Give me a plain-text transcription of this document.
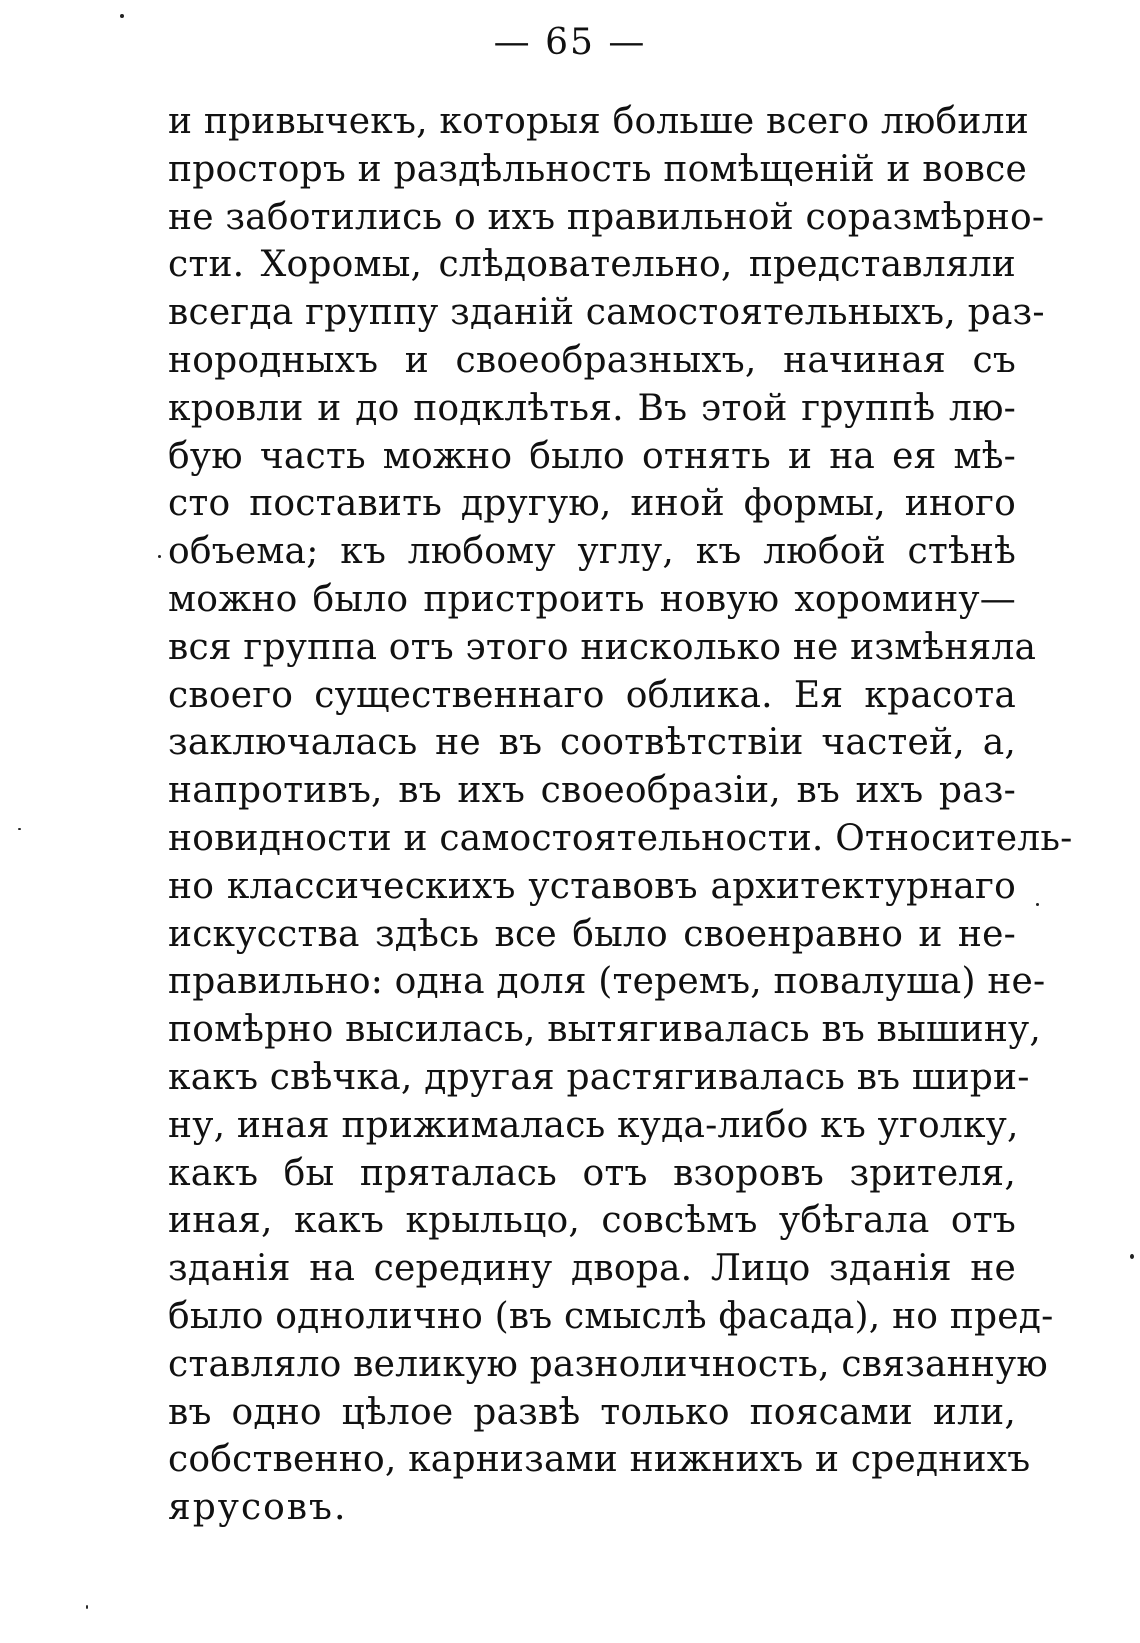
— 65 —
и привычекъ, которыя больше всего любили
просторъ и раздѣльность помѣщеній и вовсе
не заботились о ихъ правильной соразмѣрно-
сти. Хоромы, слѣдовательно, представляли
всегда группу зданій самостоятельныхъ, раз-
нородныхъ и своеобразныхъ, начиная съ
кровли и до подклѣтья. Въ этой группѣ лю-
бую часть можно было отнять и на ея мѣ-
сто поставить другую, иной формы, иного
объема; къ любому углу, къ любой стѣнѣ
можно было пристроить новую хоромину—
вся группа отъ этого нисколько не измѣняла
своего существеннаго облика. Ея красота
заключалась не въ соотвѣтствіи частей, а,
напротивъ, въ ихъ своеобразіи, въ ихъ раз-
новидности и самостоятельности. Относитель-
но классическихъ уставовъ архитектурнаго
искусства здѣсь все было своенравно и не-
правильно: одна доля (теремъ, повалуша) не-
помѣрно высилась, вытягивалась въ вышину,
какъ свѣчка, другая растягивалась въ шири-
ну, иная прижималась куда-либо къ уголку,
какъ бы пряталась отъ взоровъ зрителя,
иная, какъ крыльцо, совсѣмъ убѣгала отъ
зданія на середину двора. Лицо зданія не
было однолично (въ смыслѣ фасада), но пред-
ставляло великую разноличность, связанную
въ одно цѣлое развѣ только поясами или,
собственно, карнизами нижнихъ и среднихъ
ярусовъ.
